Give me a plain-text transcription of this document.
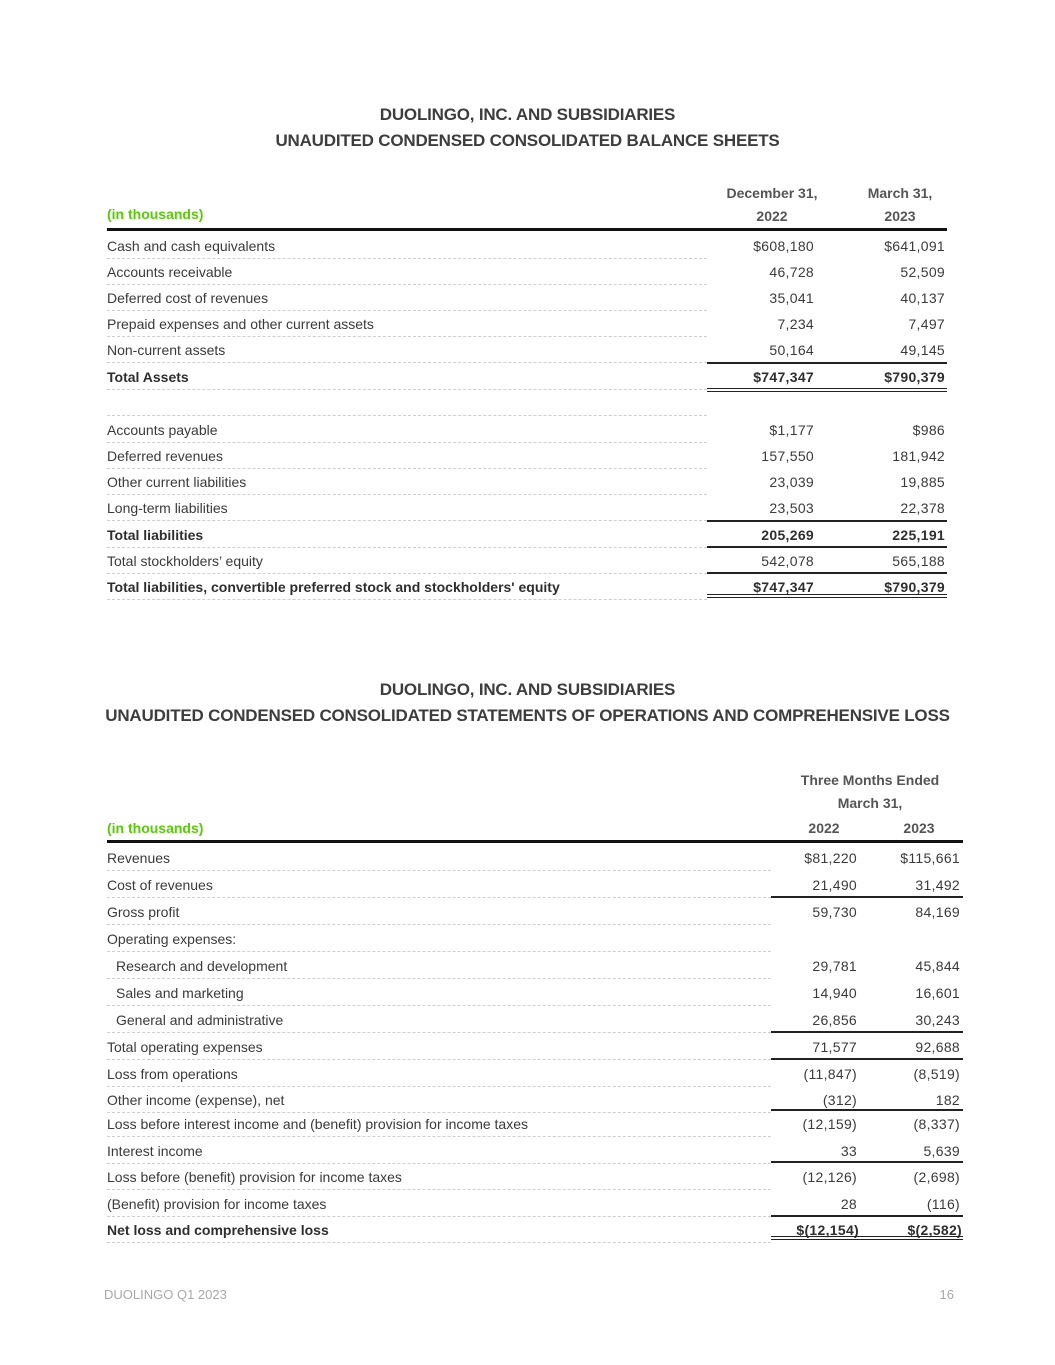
DUOLINGO, INC. AND SUBSIDIARIES
UNAUDITED CONDENSED CONSOLIDATED BALANCE SHEETS
(in thousands)
December 31,
2022
March 31,
2023
Cash and cash equivalents	$608,180	$641,091
Accounts receivable	46,728	52,509
Deferred cost of revenues	35,041	40,137
Prepaid expenses and other current assets	7,234	7,497
Non-current assets	50,164	49,145
Total Assets	$747,347	$790,379
Accounts payable	$1,177	$986
Deferred revenues	157,550	181,942
Other current liabilities	23,039	19,885
Long-term liabilities	23,503	22,378
Total liabilities	205,269	225,191
Total stockholders’ equity	542,078	565,188
Total liabilities, convertible preferred stock and stockholders' equity	$747,347	$790,379
DUOLINGO, INC. AND SUBSIDIARIES
UNAUDITED CONDENSED CONSOLIDATED STATEMENTS OF OPERATIONS AND COMPREHENSIVE LOSS
Three Months Ended
March 31,
(in thousands)	2022	2023
Revenues	$81,220	$115,661
Cost of revenues	21,490	31,492
Gross profit	59,730	84,169
Operating expenses:
Research and development	29,781	45,844
Sales and marketing	14,940	16,601
General and administrative	26,856	30,243
Total operating expenses	71,577	92,688
Loss from operations	(11,847)	(8,519)
Other income (expense), net	(312)	182
Loss before interest income and (benefit) provision for income taxes	(12,159)	(8,337)
Interest income	33	5,639
Loss before (benefit) provision for income taxes	(12,126)	(2,698)
(Benefit) provision for income taxes	28	(116)
Net loss and comprehensive loss	$(12,154)	$(2,582)
DUOLINGO Q1 2023	16
